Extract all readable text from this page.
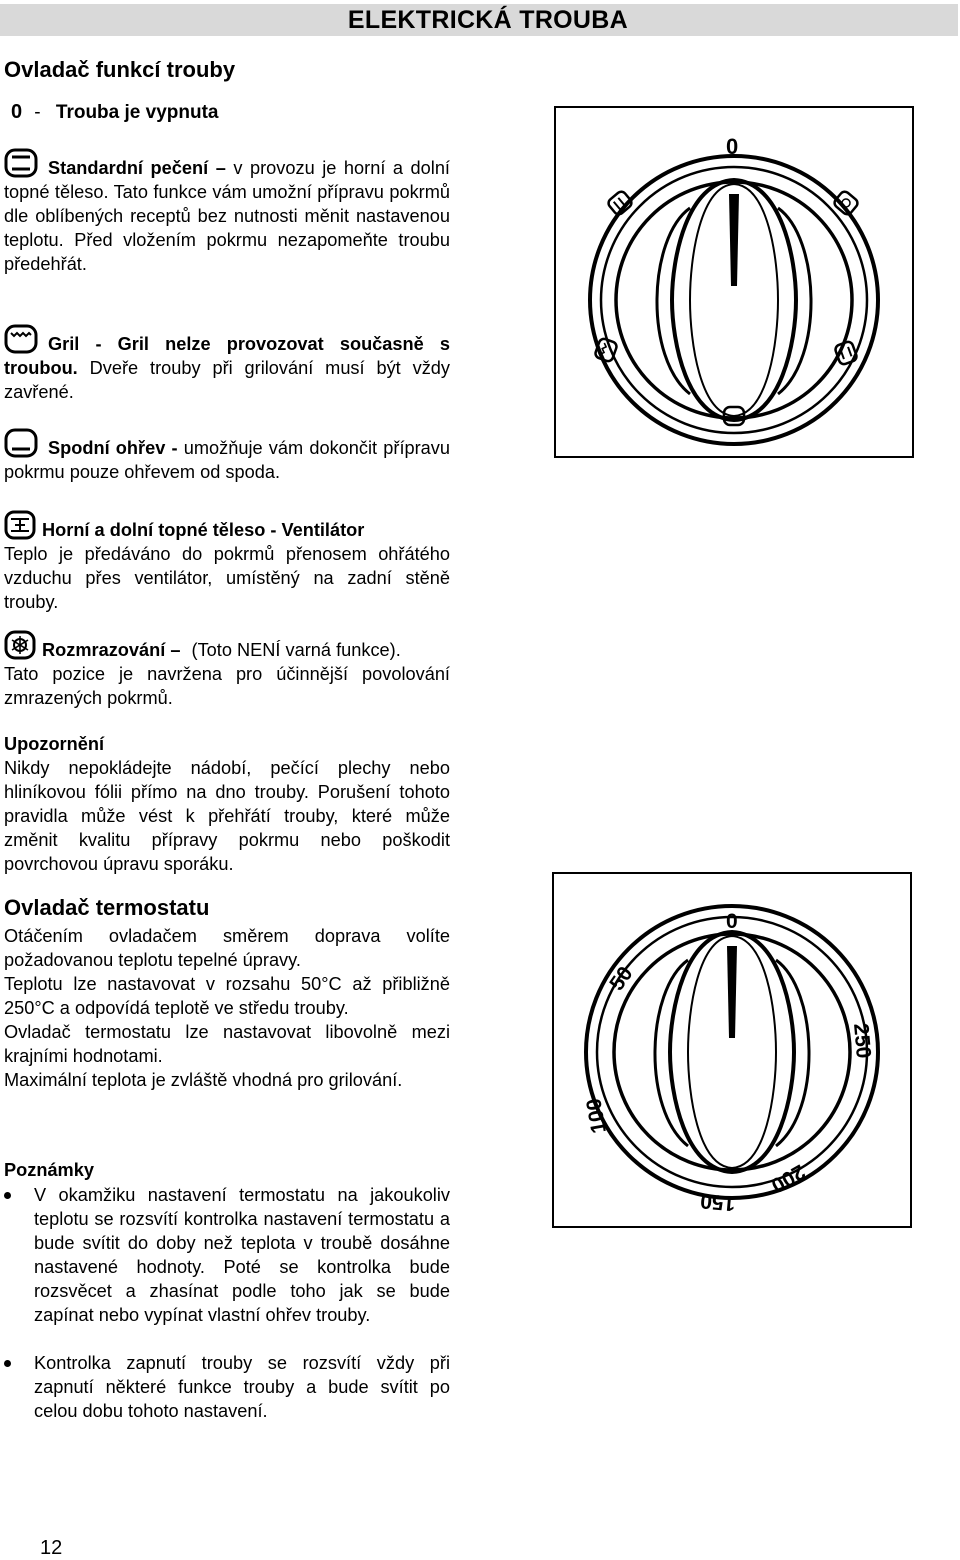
ELEKTRICKÁ TROUBA
Ovladač funkcí trouby
0 - Trouba je vypnuta
Standardní pečení – v provozu je horní a dolní topné těleso. Tato funkce vám umožní přípravu pokrmů dle oblíbených receptů bez nutnosti měnit nastavenou teplotu. Před vložením pokrmu nezapomeňte troubu předehřát.
Gril - Gril nelze provozovat současně s troubou. Dveře trouby při grilování musí být vždy zavřené.
Spodní ohřev - umožňuje vám dokončit přípravu pokrmu pouze ohřevem od spoda.
Horní a dolní topné těleso - Ventilátor
Teplo je předáváno do pokrmů přenosem ohřátého vzduchu přes ventilátor, umístěný na zadní stěně trouby.
Rozmrazování – (Toto NENÍ varná funkce).
Tato pozice je navržena pro účinnější povolování zmrazených pokrmů.
Upozornění
Nikdy nepokládejte nádobí, pečící plechy nebo hliníkovou fólii přímo na dno trouby. Porušení tohoto pravidla může vést k přehřátí trouby, které může změnit kvalitu přípravy pokrmu nebo poškodit povrchovou úpravu sporáku.
Ovladač termostatu
Otáčením ovladačem směrem doprava volíte požadovanou teplotu tepelné úpravy.
Teplotu lze nastavovat v rozsahu 50°C až přibližně 250°C a odpovídá teplotě ve středu trouby.
Ovladač termostatu lze nastavovat libovolně mezi krajními hodnotami.
Maximální teplota je zvláště vhodná pro grilování.
Poznámky
V okamžiku nastavení termostatu na jakoukoliv teplotu se rozsvítí kontrolka nastavení termostatu a bude svítit do doby než teplota v troubě dosáhne nastavené hodnoty. Poté se kontrolka bude rozsvěcet a zhasínat podle toho jak se bude zapínat nebo vypínat vlastní ohřev trouby.
Kontrolka zapnutí trouby se rozsvítí vždy při zapnutí některé funkce trouby a bude svítit po celou dobu tohoto nastavení.
0
0
50
100
150
200
250
12
